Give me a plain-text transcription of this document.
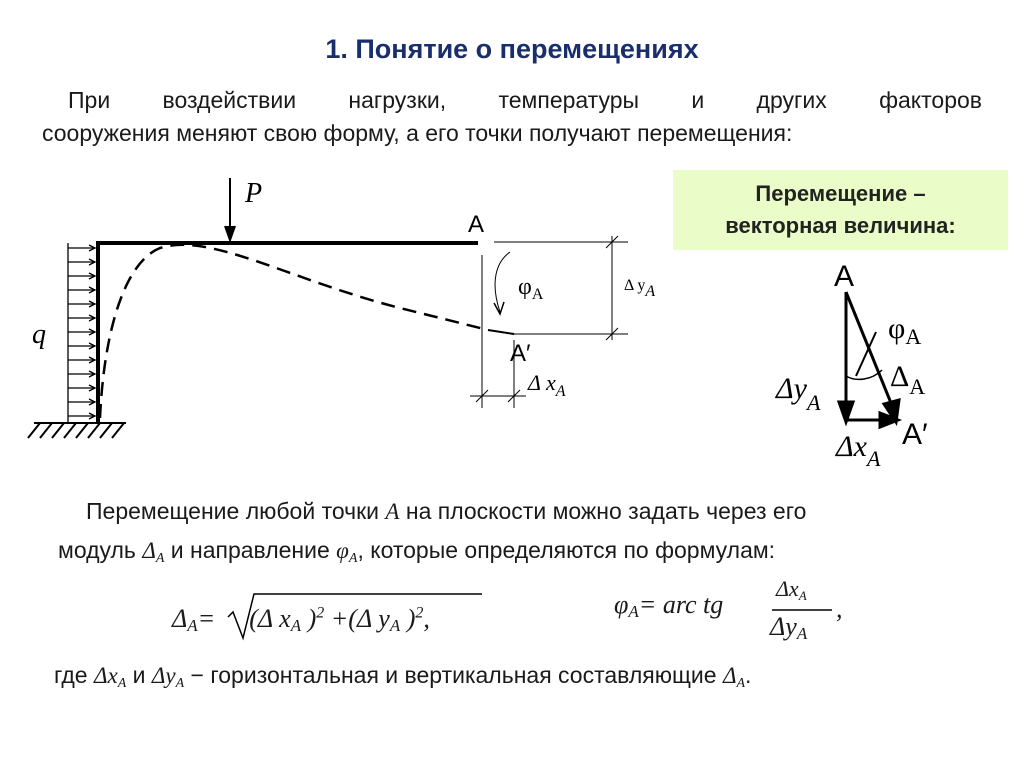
1. Понятие о перемещениях
При воздействии нагрузки, температуры и других факторов
сооружения меняют свою форму, а его точки получают перемещения:
Перемещение –
векторная величина:
q
P
A
A′
$\varphi_A$
Δ $y_A$
Δ $x_A$
A
$\varphi_A$
$\Delta y_A$
$\Delta_A$
$\Delta x_A$
A′
Перемещение любой точки A на плоскости можно задать через его
модуль $\Delta_A$ и направление $\varphi_A$, которые определяются по формулам:
$\Delta_A= (\Delta$ $x_A$ )$^2$ +(Δ $y_A$ )$^2$,	$\varphi_A=$ arc tg
$\Delta x_A$
$\Delta y_A$
,
где $\Delta x_A$ и $\Delta y_A$ − горизонтальная и вертикальная составляющие $\Delta_A$.
